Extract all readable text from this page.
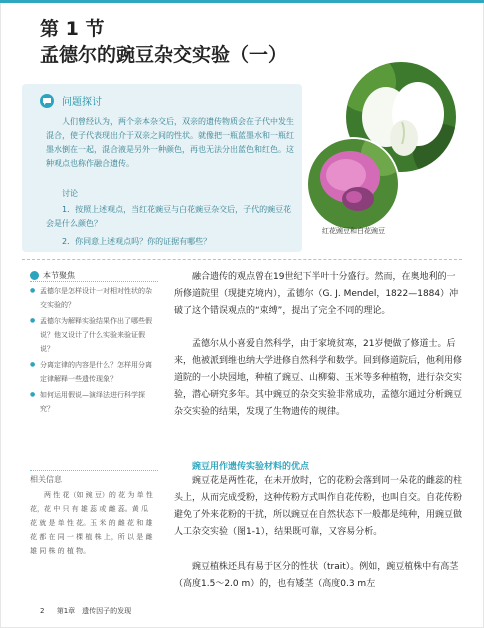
第 1 节
孟德尔的豌豆杂交实验（一）
红花豌豆和白花豌豆
问题探讨
人们曾经认为，两个亲本杂交后，双亲的遗传物质会在子代中发生混合，使子代表现出介于双亲之间的性状。就像把一瓶蓝墨水和一瓶红墨水倒在一起，混合液是另外一种颜色，再也无法分出蓝色和红色。这种观点也称作融合遗传。
讨论
1．按照上述观点，当红花豌豆与白花豌豆杂交后，子代的豌豆花会是什么颜色？
2．你同意上述观点吗？你的证据有哪些？
本节聚焦
● 孟德尔是怎样设计一对相对性状的杂交实验的？
● 孟德尔为解释实验结果作出了哪些假说？他又设计了什么实验来验证假说？
● 分离定律的内容是什么？怎样用分离定律解释一些遗传现象？
● 如何运用假说—演绎法进行科学探究？
相关信息
两 性 花（如 豌 豆）的 花 为 单 性 花，花 中 只 有 雄 蕊 或 雌 蕊。黄 瓜 花 就 是 单 性 花。玉 米 的 雌 花 和 雄 花 都 在 同 一 棵 植 株 上，所 以 是 雌 雄 同 株 的 植 物。
融合遗传的观点曾在19世纪下半叶十分盛行。然而，在奥地利的一所修道院里（现捷克境内），孟德尔（G. J. Mendel，1822—1884）冲破了这个错误观点的“束缚”，提出了完全不同的理论。
孟德尔从小喜爱自然科学，由于家境贫寒，21岁便做了修道士。后来，他被派到维也纳大学进修自然科学和数学。回到修道院后，他利用修道院的一小块园地，种植了豌豆、山柳菊、玉米等多种植物，进行杂交实验，潜心研究多年。其中豌豆的杂交实验非常成功，孟德尔通过分析豌豆杂交实验的结果，发现了生物遗传的规律。
豌豆用作遗传实验材料的优点
豌豆花是两性花，在未开放时，它的花粉会落到同一朵花的雌蕊的柱头上，从而完成受粉，这种传粉方式叫作自花传粉，也叫自交。自花传粉避免了外来花粉的干扰，所以豌豆在自然状态下一般都是纯种，用豌豆做人工杂交实验（图1-1），结果既可靠，又容易分析。
豌豆植株还具有易于区分的性状（trait）。例如，豌豆植株中有高茎（高度1.5～2.0 m）的，也有矮茎（高度0.3 m左
2 第1章　遗传因子的发现
